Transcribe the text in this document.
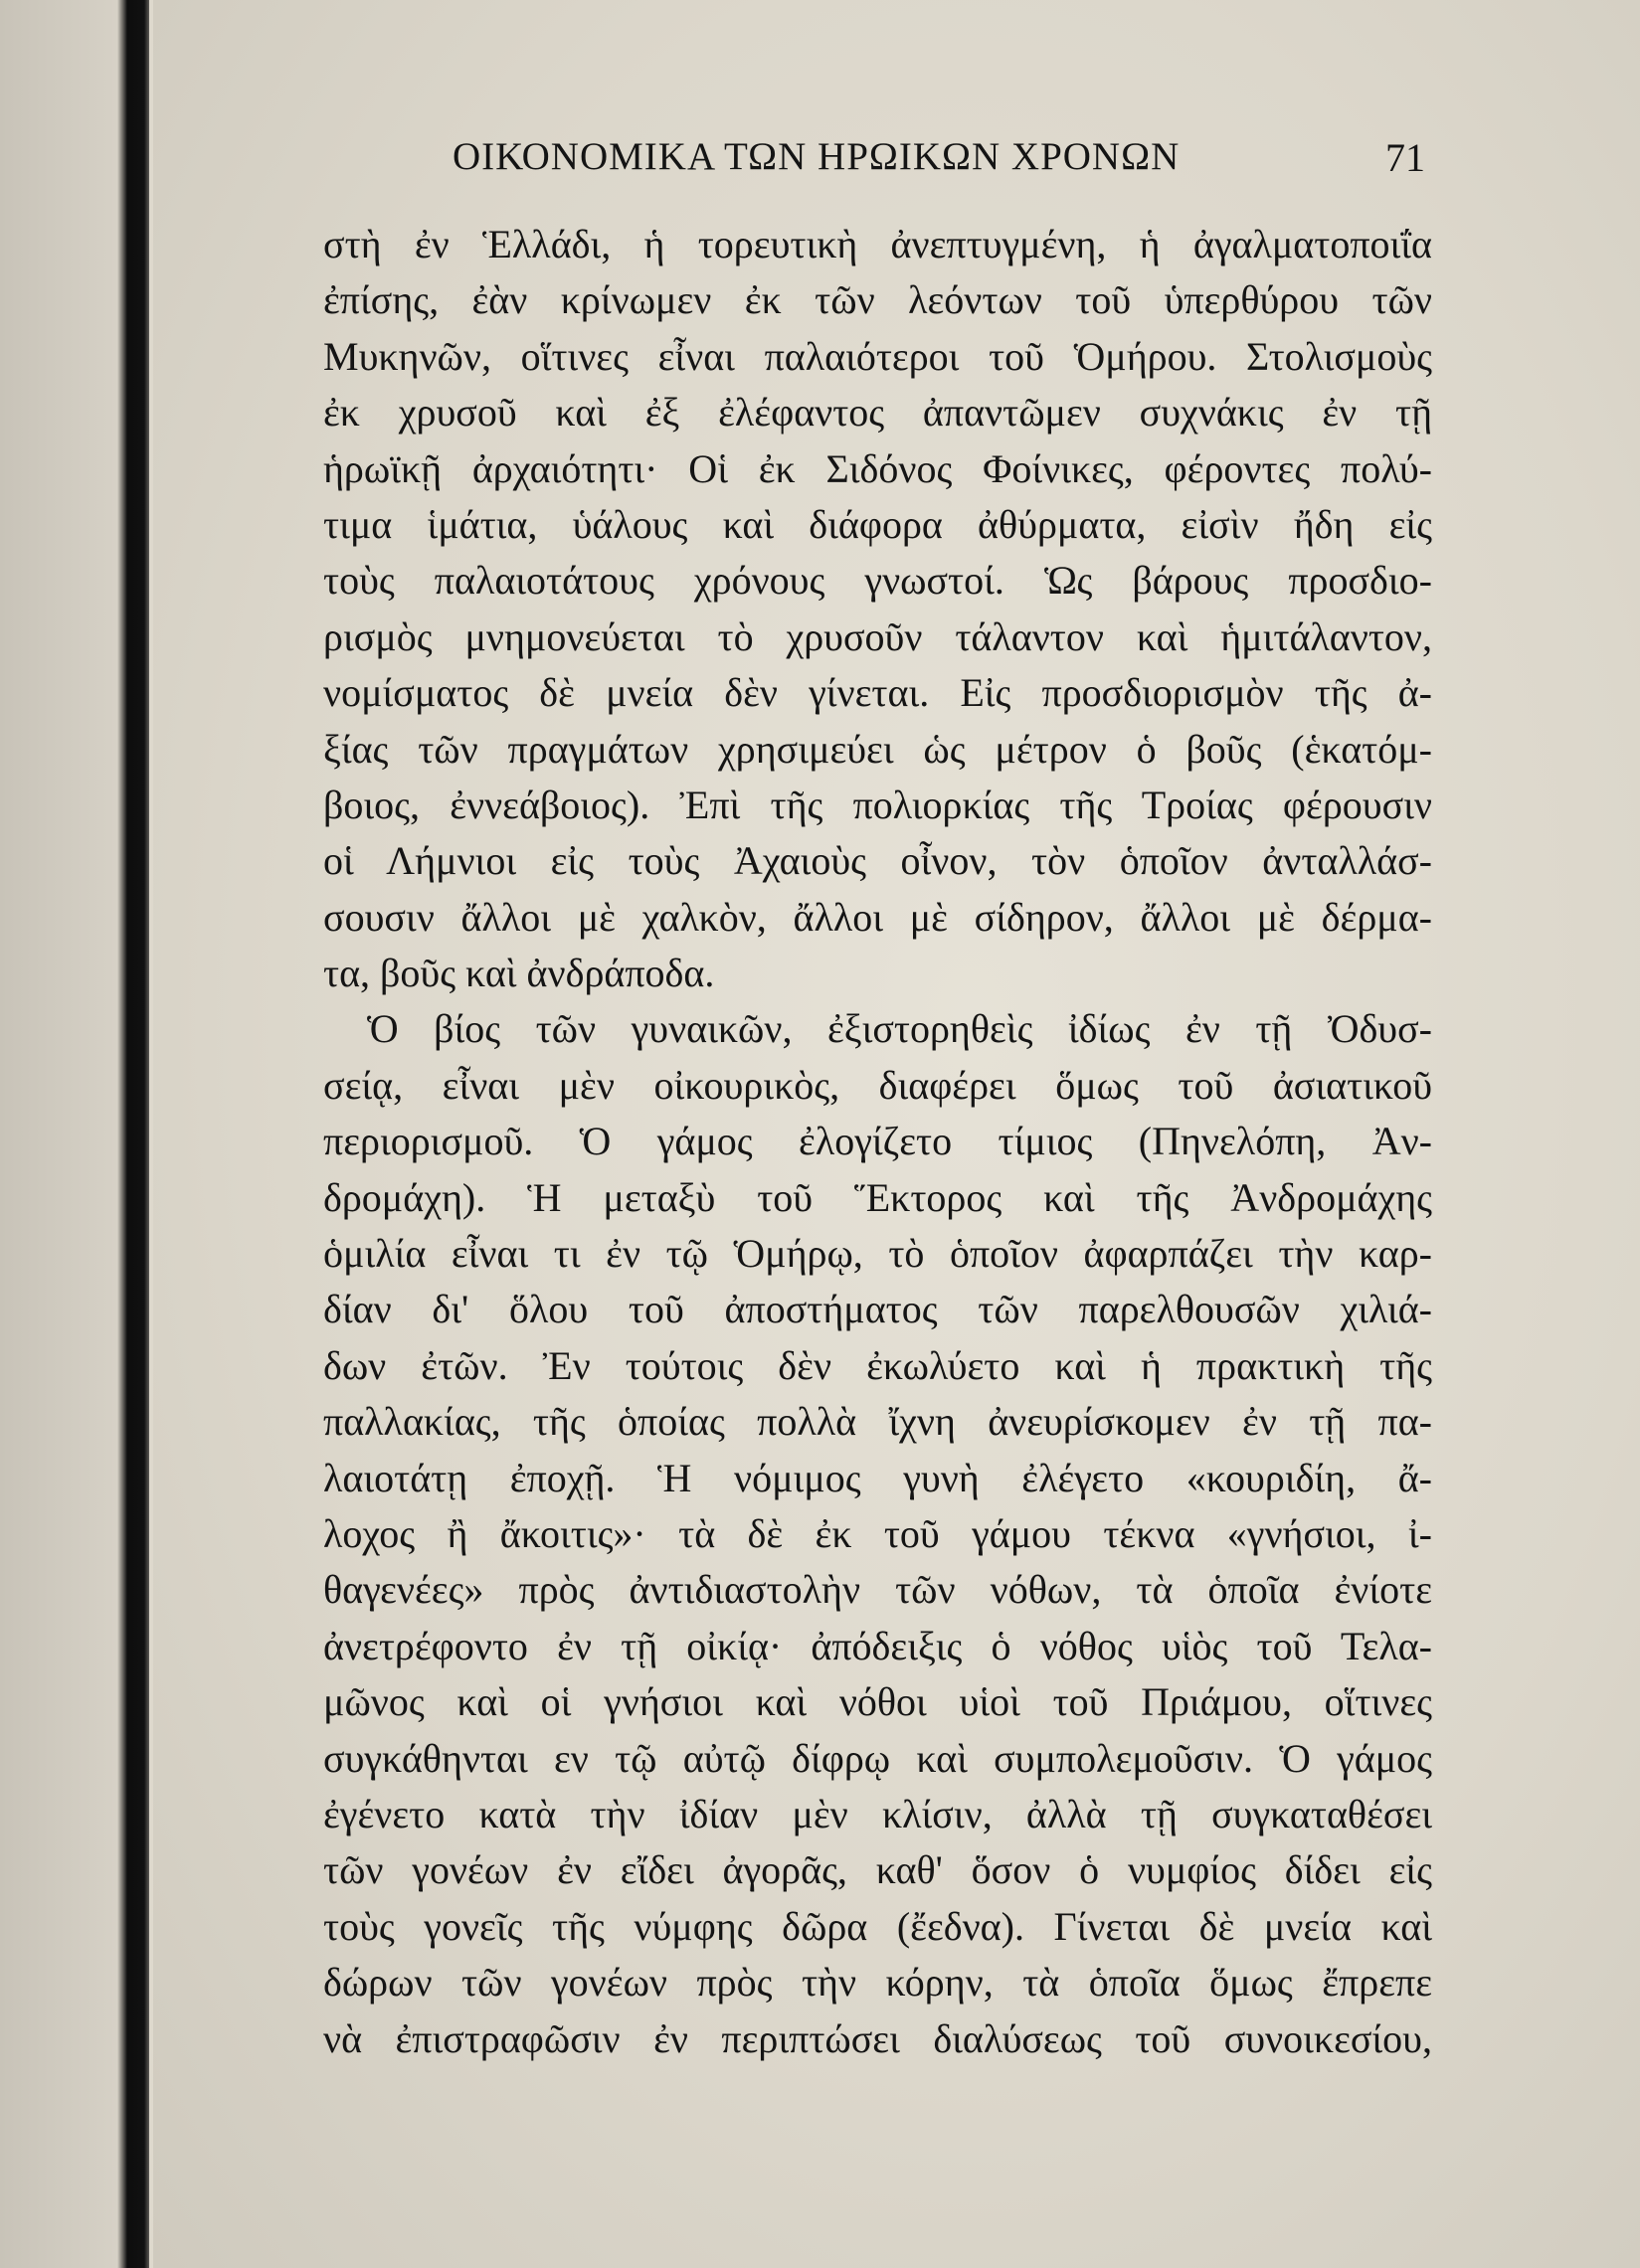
ΟΙΚΟΝΟΜΙΚΑ ΤΩΝ ΗΡΩΙΚΩΝ ΧΡΟΝΩΝ	71
στὴ ἐν Ἑλλάδι, ἡ τορευτικὴ ἀνεπτυγμένη, ἡ ἀγαλματοποιΐα
ἐπίσης, ἐὰν κρίνωμεν ἐκ τῶν λεόντων τοῦ ὑπερθύρου τῶν
Μυκηνῶν, οἵτινες εἶναι παλαιότεροι τοῦ Ὁμήρου. Στολισμοὺς
ἐκ χρυσοῦ καὶ ἐξ ἐλέφαντος ἀπαντῶμεν συχνάκις ἐν τῇ
ἡρωϊκῇ ἀρχαιότητι· Οἱ ἐκ Σιδόνος Φοίνικες, φέροντες πολύ-
τιμα ἱμάτια, ὑάλους καὶ διάφορα ἀθύρματα, εἰσὶν ἤδη εἰς
τοὺς παλαιοτάτους χρόνους γνωστοί. Ὡς βάρους προσδιο-
ρισμὸς μνημονεύεται τὸ χρυσοῦν τάλαντον καὶ ἡμιτάλαντον,
νομίσματος δὲ μνεία δὲν γίνεται. Εἰς προσδιορισμὸν τῆς ἀ-
ξίας τῶν πραγμάτων χρησιμεύει ὡς μέτρον ὁ βοῦς (ἑκατόμ-
βοιος, ἐννεάβοιος). Ἐπὶ τῆς πολιορκίας τῆς Τροίας φέρουσιν
οἱ Λήμνιοι εἰς τοὺς Ἀχαιοὺς οἶνον, τὸν ὁποῖον ἀνταλλάσ-
σουσιν ἄλλοι μὲ χαλκὸν, ἄλλοι μὲ σίδηρον, ἄλλοι μὲ δέρμα-
τα, βοῦς καὶ ἀνδράποδα.
Ὁ βίος τῶν γυναικῶν, ἐξιστορηθεὶς ἰδίως ἐν τῇ Ὀδυσ-
σείᾳ, εἶναι μὲν οἰκουρικὸς, διαφέρει ὅμως τοῦ ἀσιατικοῦ
περιορισμοῦ. Ὁ γάμος ἐλογίζετο τίμιος (Πηνελόπη, Ἀν-
δρομάχη). Ἡ μεταξὺ τοῦ Ἕκτορος καὶ τῆς Ἀνδρομάχης
ὁμιλία εἶναι τι ἐν τῷ Ὁμήρῳ, τὸ ὁποῖον ἀφαρπάζει τὴν καρ-
δίαν δι' ὅλου τοῦ ἀποστήματος τῶν παρελθουσῶν χιλιά-
δων ἐτῶν. Ἐν τούτοις δὲν ἐκωλύετο καὶ ἡ πρακτικὴ τῆς
παλλακίας, τῆς ὁποίας πολλὰ ἴχνη ἀνευρίσκομεν ἐν τῇ πα-
λαιοτάτῃ ἐποχῇ. Ἡ νόμιμος γυνὴ ἐλέγετο «κουριδίη, ἄ-
λοχος ἢ ἄκοιτις»· τὰ δὲ ἐκ τοῦ γάμου τέκνα «γνήσιοι, ἰ-
θαγενέες» πρὸς ἀντιδιαστολὴν τῶν νόθων, τὰ ὁποῖα ἐνίοτε
ἀνετρέφοντο ἐν τῇ οἰκίᾳ· ἀπόδειξις ὁ νόθος υἱὸς τοῦ Τελα-
μῶνος καὶ οἱ γνήσιοι καὶ νόθοι υἱοὶ τοῦ Πριάμου, οἵτινες
συγκάθηνται εν τῷ αὐτῷ δίφρῳ καὶ συμπολεμοῦσιν. Ὁ γάμος
ἐγένετο κατὰ τὴν ἰδίαν μὲν κλίσιν, ἀλλὰ τῇ συγκαταθέσει
τῶν γονέων ἐν εἴδει ἀγορᾶς, καθ' ὅσον ὁ νυμφίος δίδει εἰς
τοὺς γονεῖς τῆς νύμφης δῶρα (ἔεδνα). Γίνεται δὲ μνεία καὶ
δώρων τῶν γονέων πρὸς τὴν κόρην, τὰ ὁποῖα ὅμως ἔπρεπε
νὰ ἐπιστραφῶσιν ἐν περιπτώσει διαλύσεως τοῦ συνοικεσίου,
